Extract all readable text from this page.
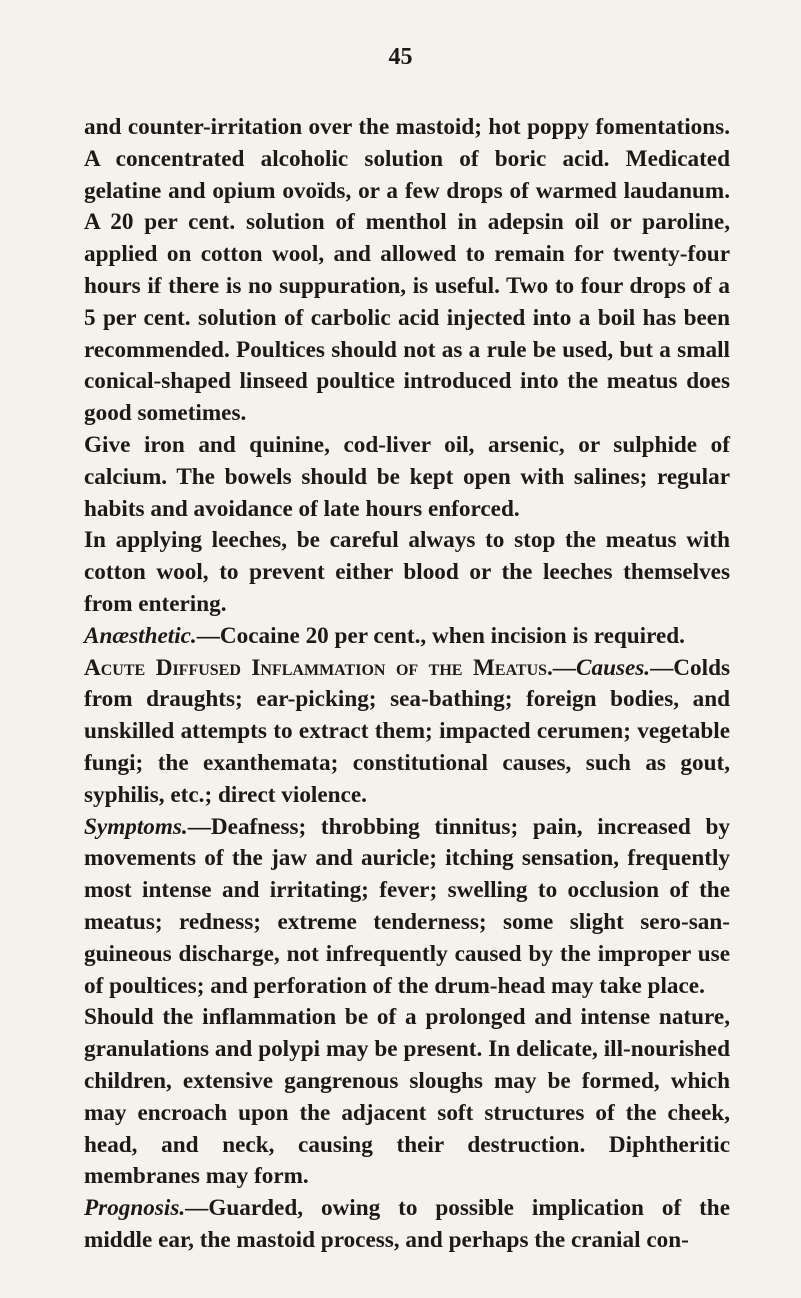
45

and counter-irritation over the mastoid; hot poppy fomentations. A concentrated alcoholic solution of boric acid. Medicated gelatine and opium ovoïds, or a few drops of warmed laudanum. A 20 per cent. solution of menthol in adepsin oil or paroline, applied on cotton wool, and allowed to remain for twenty-four hours if there is no suppuration, is useful. Two to four drops of a 5 per cent. solution of carbolic acid injected into a boil has been recommended. Poultices should not as a rule be used, but a small conical-shaped linseed poultice introduced into the meatus does good sometimes.

Give iron and quinine, cod-liver oil, arsenic, or sulphide of calcium. The bowels should be kept open with salines; regular habits and avoidance of late hours enforced.

In applying leeches, be careful always to stop the meatus with cotton wool, to prevent either blood or the leeches themselves from entering.

Anæsthetic.—Cocaine 20 per cent., when incision is required.

Acute Diffused Inflammation of the Meatus.—Causes.—Colds from draughts; ear-picking; sea-bathing; foreign bodies, and unskilled attempts to extract them; impacted cerumen; vegetable fungi; the exanthemata; constitutional causes, such as gout, syphilis, etc.; direct violence.

Symptoms.—Deafness; throbbing tinnitus; pain, increased by movements of the jaw and auricle; itching sensation, frequently most intense and irritating; fever; swelling to occlusion of the meatus; redness; extreme tenderness; some slight sero-sanguineous discharge, not infrequently caused by the improper use of poultices; and perforation of the drum-head may take place.

Should the inflammation be of a prolonged and intense nature, granulations and polypi may be present. In delicate, ill-nourished children, extensive gangrenous sloughs may be formed, which may encroach upon the adjacent soft structures of the cheek, head, and neck, causing their destruction. Diphtheritic membranes may form.

Prognosis.—Guarded, owing to possible implication of the middle ear, the mastoid process, and perhaps the cranial con-
